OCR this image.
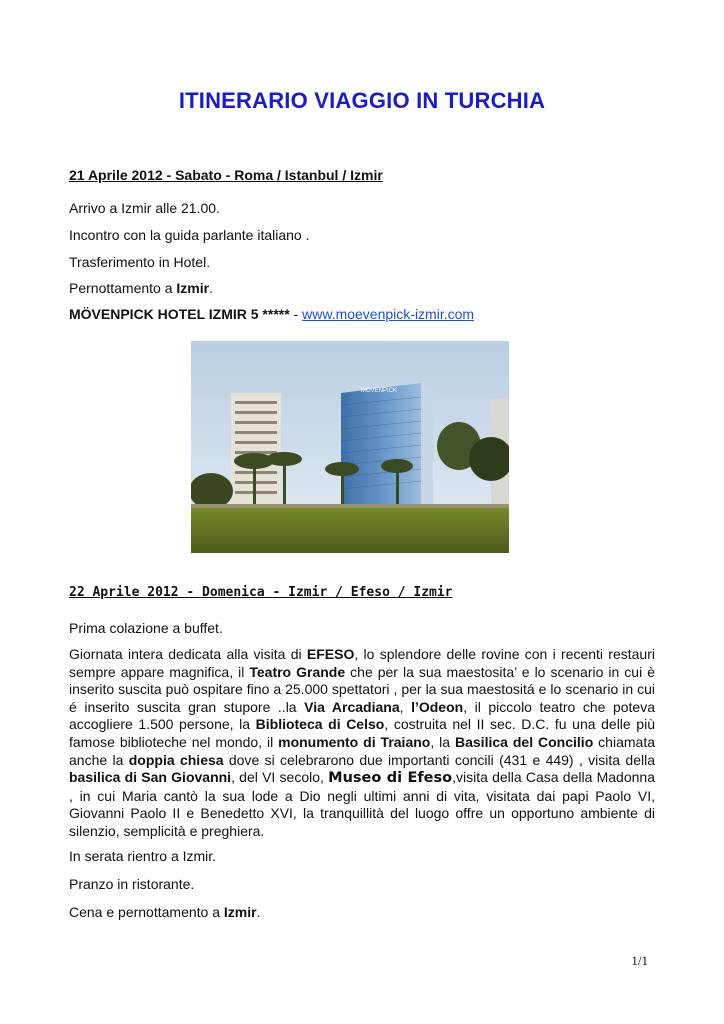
ITINERARIO VIAGGIO IN TURCHIA
21 Aprile 2012 - Sabato - Roma / Istanbul / Izmir
Arrivo a Izmir alle 21.00.
Incontro con la guida parlante italiano .
Trasferimento in Hotel.
Pernottamento a Izmir.
MÖVENPICK HOTEL IZMIR 5 ***** - www.moevenpick-izmir.com
MÖVENPICK
22 Aprile 2012 - Domenica - Izmir / Efeso / Izmir
Prima colazione a buffet.
Giornata intera dedicata alla visita di EFESO, lo splendore delle rovine con i recenti restauri sempre appare magnifica, il Teatro Grande che per la sua maestosita’ e lo scenario in cui è inserito suscita può ospitare fino a 25.000 spettatori , per la sua maestositá e lo scenario in cui é inserito suscita gran stupore ..la Via Arcadiana, l’Odeon, il piccolo teatro che poteva accogliere 1.500 persone, la Biblioteca di Celso, costruita nel II sec. D.C. fu una delle più famose biblioteche nel mondo, il monumento di Traiano, la Basilica del Concilio chiamata anche la doppia chiesa dove si celebrarono due importanti concili (431 e 449) , visita della basilica di San Giovanni, del VI secolo, Museo di Efeso,visita della Casa della Madonna , in cui Maria cantò la sua lode a Dio negli ultimi anni di vita, visitata dai papi Paolo VI, Giovanni Paolo II e Benedetto XVI, la tranquillità del luogo offre un opportuno ambiente di silenzio, semplicità e preghiera.
In serata rientro a Izmir.
Pranzo in ristorante.
Cena e pernottamento a Izmir.
1/1
